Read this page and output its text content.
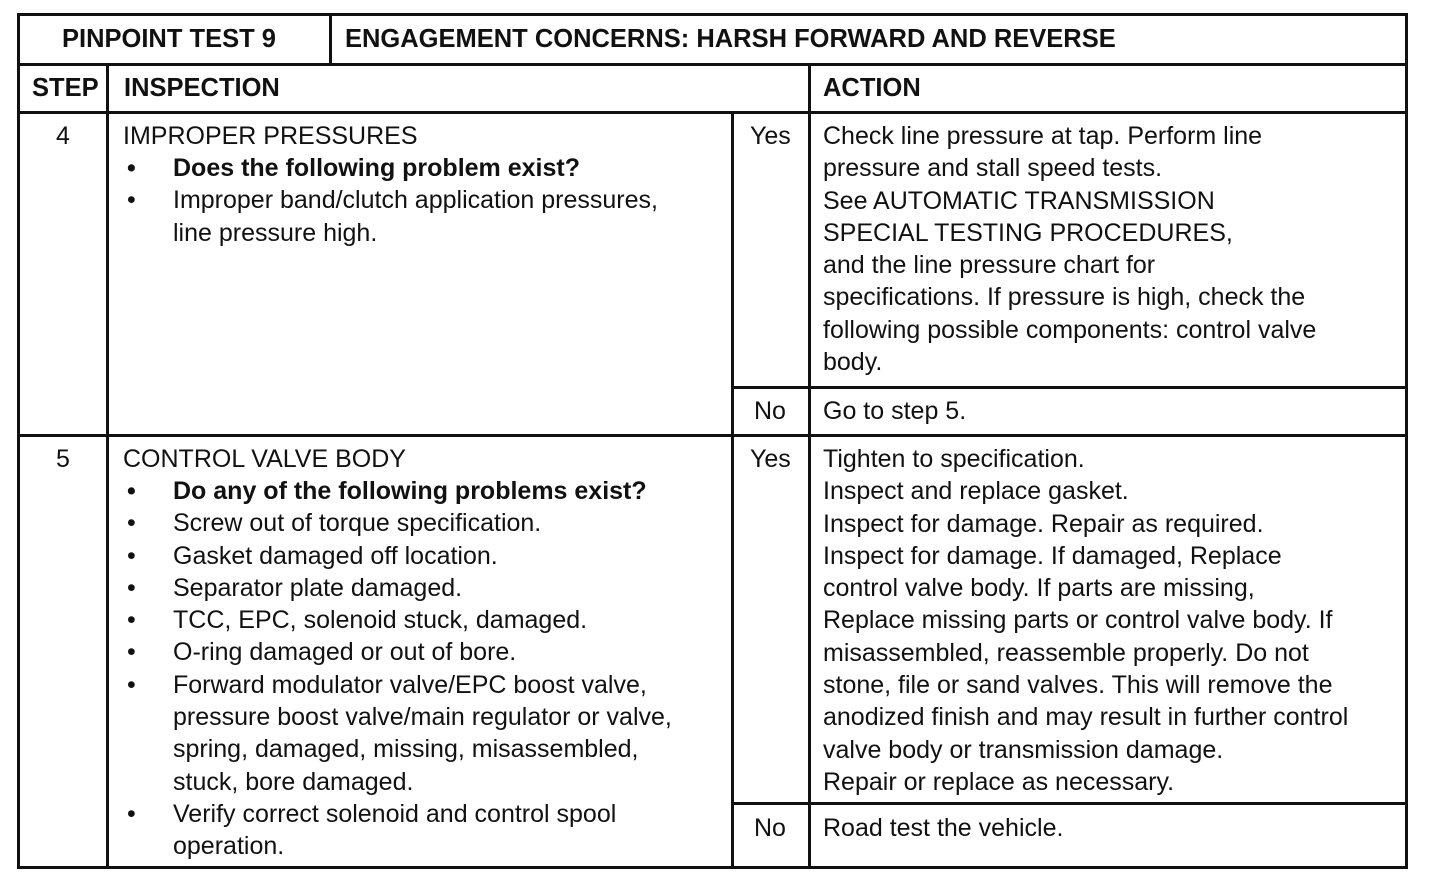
PINPOINT TEST 9	ENGAGEMENT CONCERNS: HARSH FORWARD AND REVERSE
STEP INSPECTION	ACTION
4 IMPROPER PRESSURES
• Does the following problem exist?
• Improper band/clutch application pressures,
line pressure high.
Yes Check line pressure at tap. Perform line
pressure and stall speed tests.
See AUTOMATIC TRANSMISSION
SPECIAL TESTING PROCEDURES,
and the line pressure chart for
specifications. If pressure is high, check the
following possible components: control valve
body.
No Go to step 5.
5 CONTROL VALVE BODY
• Do any of the following problems exist?
• Screw out of torque specification.
• Gasket damaged off location.
• Separator plate damaged.
• TCC, EPC, solenoid stuck, damaged.
• O-ring damaged or out of bore.
• Forward modulator valve/EPC boost valve,
pressure boost valve/main regulator or valve,
spring, damaged, missing, misassembled,
stuck, bore damaged.
• Verify correct solenoid and control spool
operation.
Yes Tighten to specification.
Inspect and replace gasket.
Inspect for damage. Repair as required.
Inspect for damage. If damaged, Replace
control valve body. If parts are missing,
Replace missing parts or control valve body. If
misassembled, reassemble properly. Do not
stone, file or sand valves. This will remove the
anodized finish and may result in further control
valve body or transmission damage.
Repair or replace as necessary.
No Road test the vehicle.
